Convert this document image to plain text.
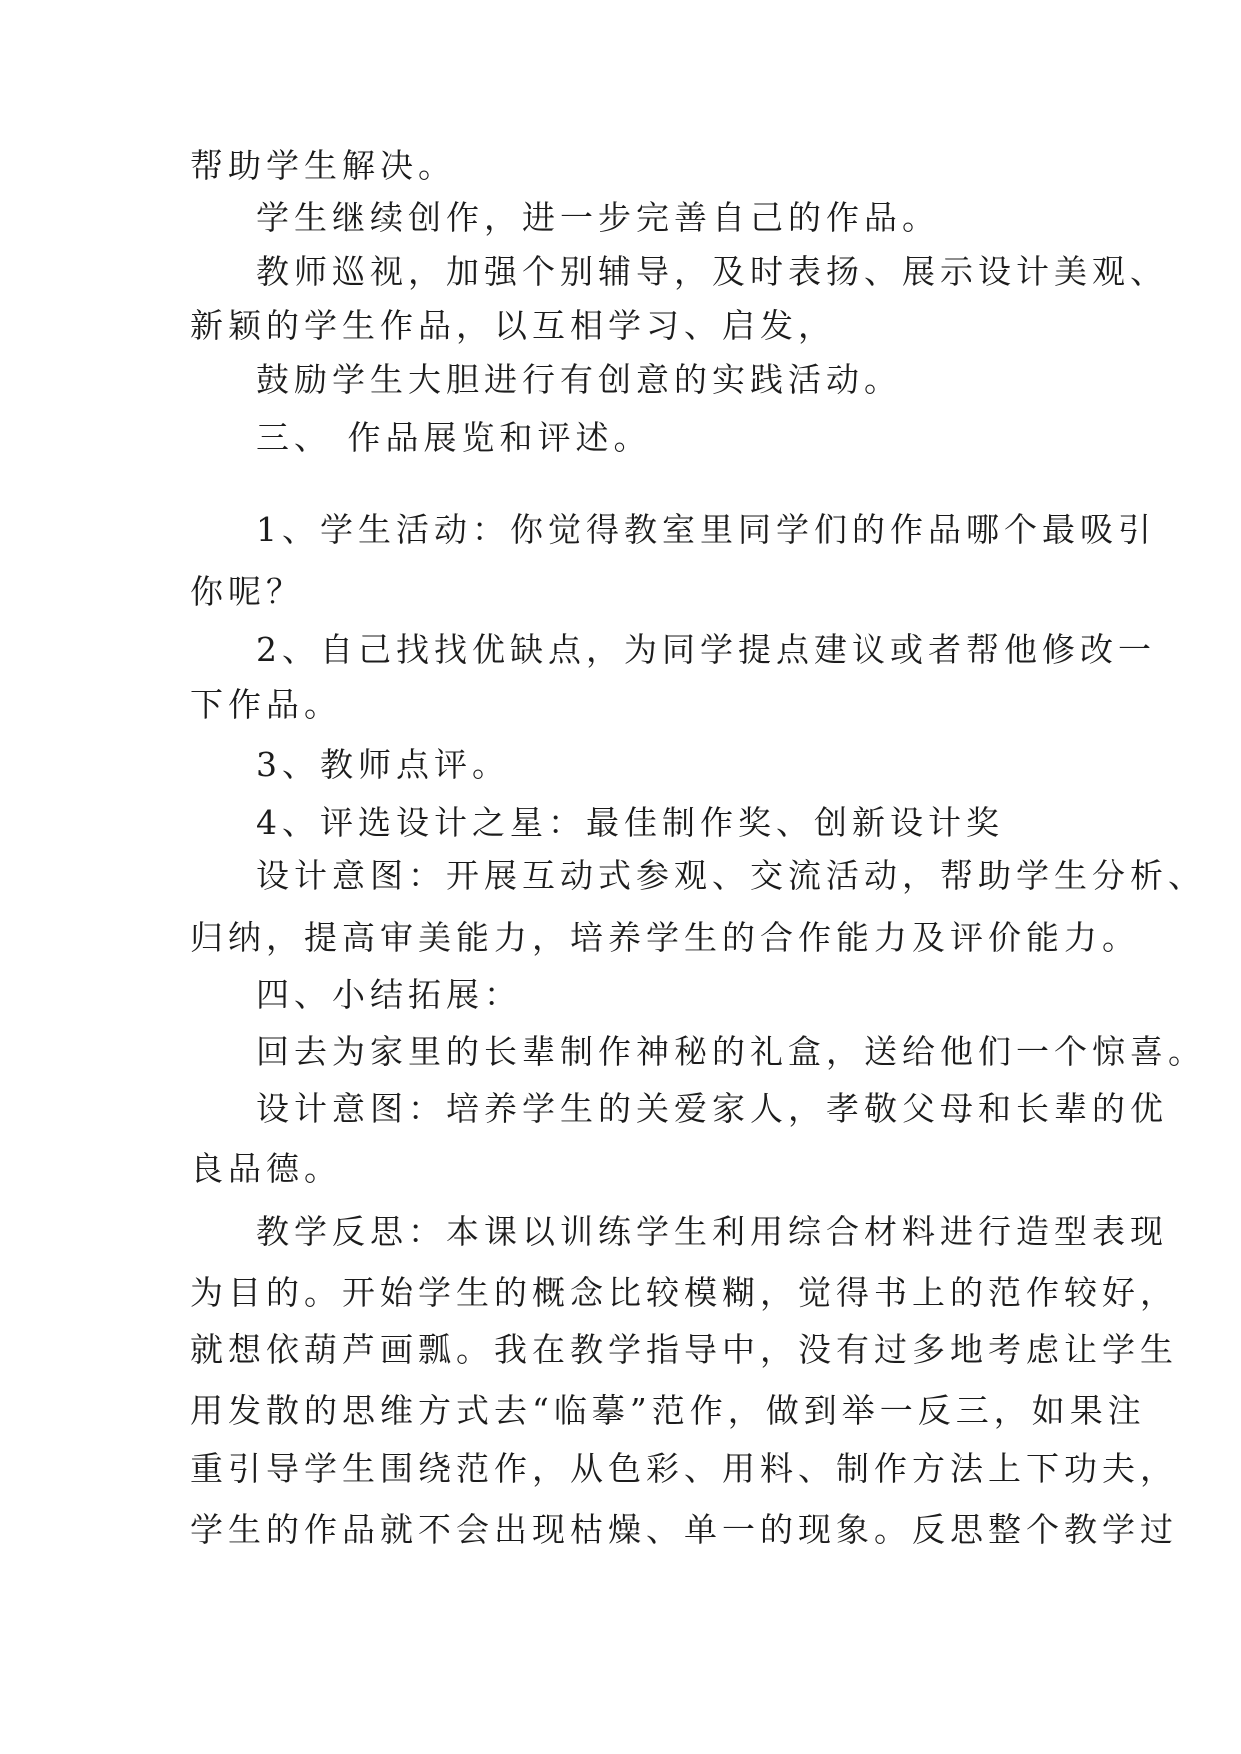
帮助学生解决。

学生继续创作，进一步完善自己的作品。

教师巡视，加强个别辅导，及时表扬、展示设计美观、

新颖的学生作品，以互相学习、启发，

鼓励学生大胆进行有创意的实践活动。

三、 作品展览和评述。

1、学生活动：你觉得教室里同学们的作品哪个最吸引

你呢？

2、自己找找优缺点，为同学提点建议或者帮他修改一

下作品。

3、教师点评。

4、评选设计之星：最佳制作奖、创新设计奖

设计意图：开展互动式参观、交流活动，帮助学生分析、

归纳，提高审美能力，培养学生的合作能力及评价能力。

四、小结拓展：

回去为家里的长辈制作神秘的礼盒，送给他们一个惊喜。

设计意图：培养学生的关爱家人，孝敬父母和长辈的优

良品德。

教学反思：本课以训练学生利用综合材料进行造型表现

为目的。开始学生的概念比较模糊，觉得书上的范作较好，

就想依葫芦画瓢。我在教学指导中，没有过多地考虑让学生

用发散的思维方式去“临摹”范作，做到举一反三，如果注

重引导学生围绕范作，从色彩、用料、制作方法上下功夫，

学生的作品就不会出现枯燥、单一的现象。反思整个教学过
